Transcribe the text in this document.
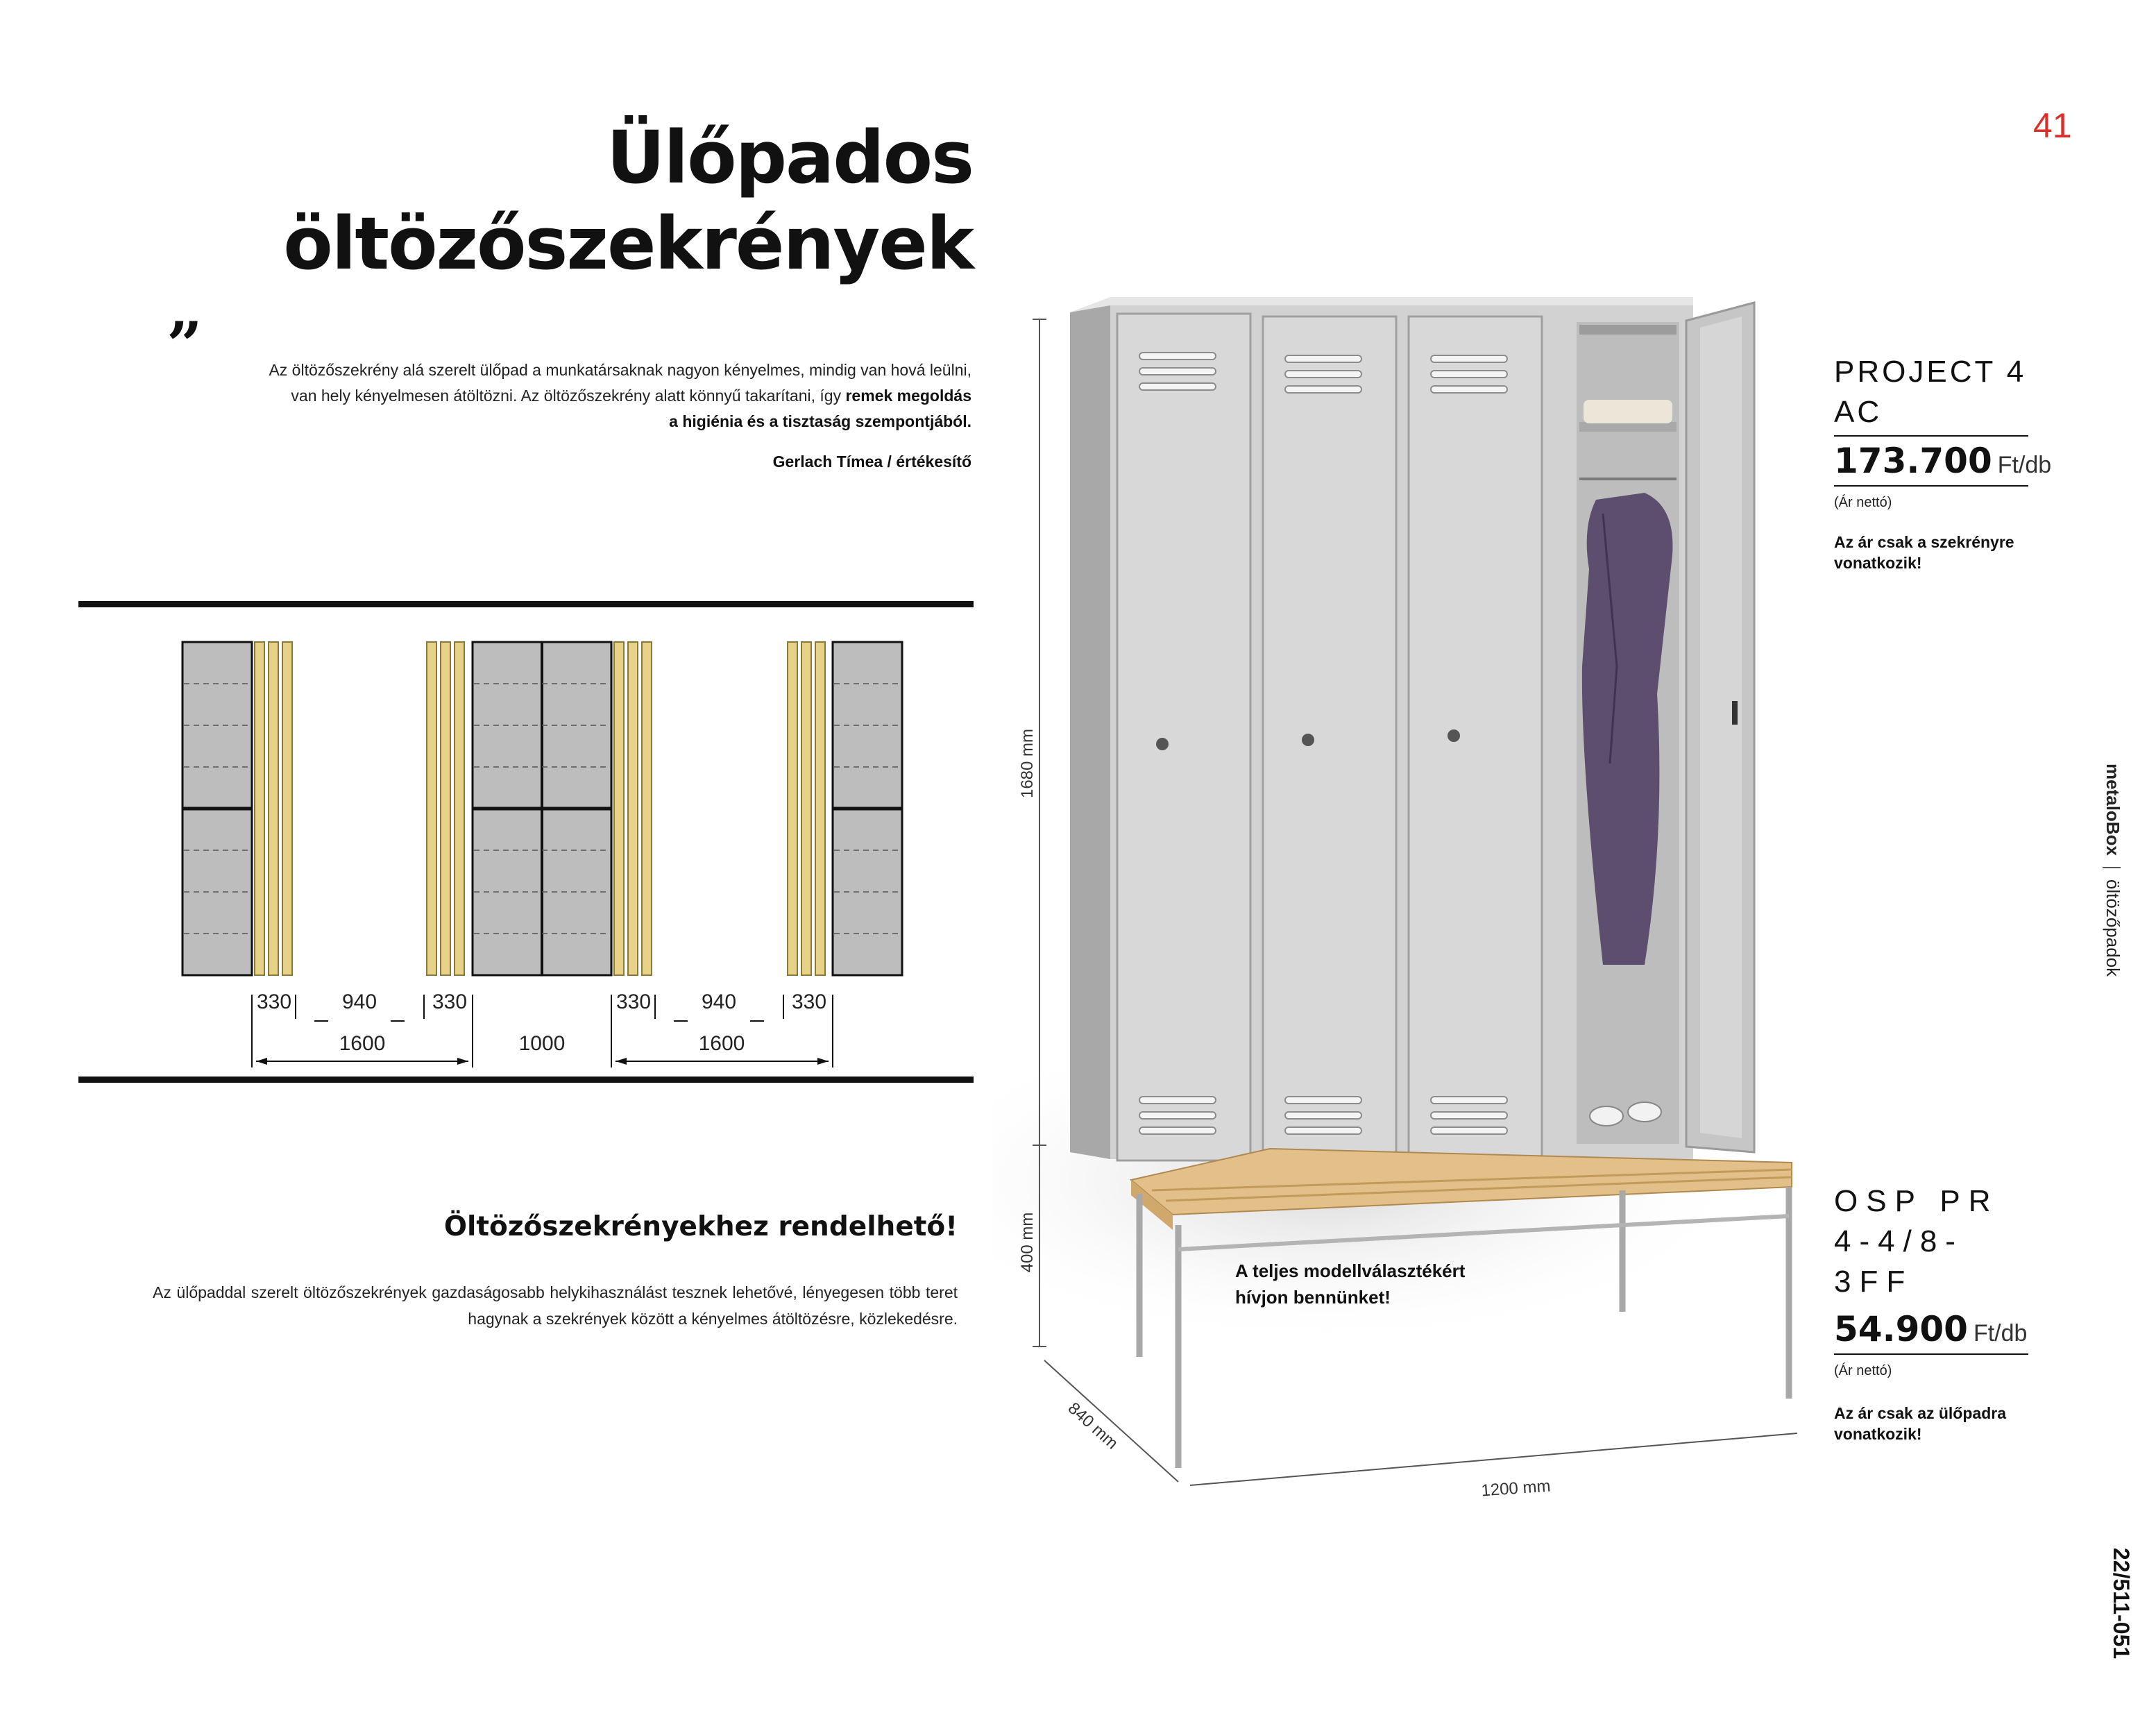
41
Ülőpados
öltözőszekrények
”	Az öltözőszekrény alá szerelt ülőpad a munkatársaknak nagyon kényelmes, mindig van hová leülni,
van hely kényelmesen átöltözni. Az öltözőszekrény alatt könnyű takarítani, így remek megoldás
a higiénia és a tisztaság szempontjából.
Gerlach Tímea / értékesítő
330 940	330	330 940	330
1600	1000	1600
Öltözőszekrényekhez rendelhető!
Az ülőpaddal szerelt öltözőszekrények gazdaságosabb helykihasználást tesznek lehetővé, lényegesen több teret hagynak a szekrények között a kényelmes átöltözésre, közlekedésre.
1680 mm
400 mm
840 mm
1200 mm
A teljes modellválasztékért
hívjon bennünket!
PROJECT 4 AC
173.700 Ft/db
(Ár nettó)
Az ár csak a szekrényre vonatkozik!
OSP PR
4-4/8-3FF
54.900 Ft/db
(Ár nettó)
Az ár csak az ülőpadra vonatkozik!
metaloBoxöltözőpadok
22/511-051
